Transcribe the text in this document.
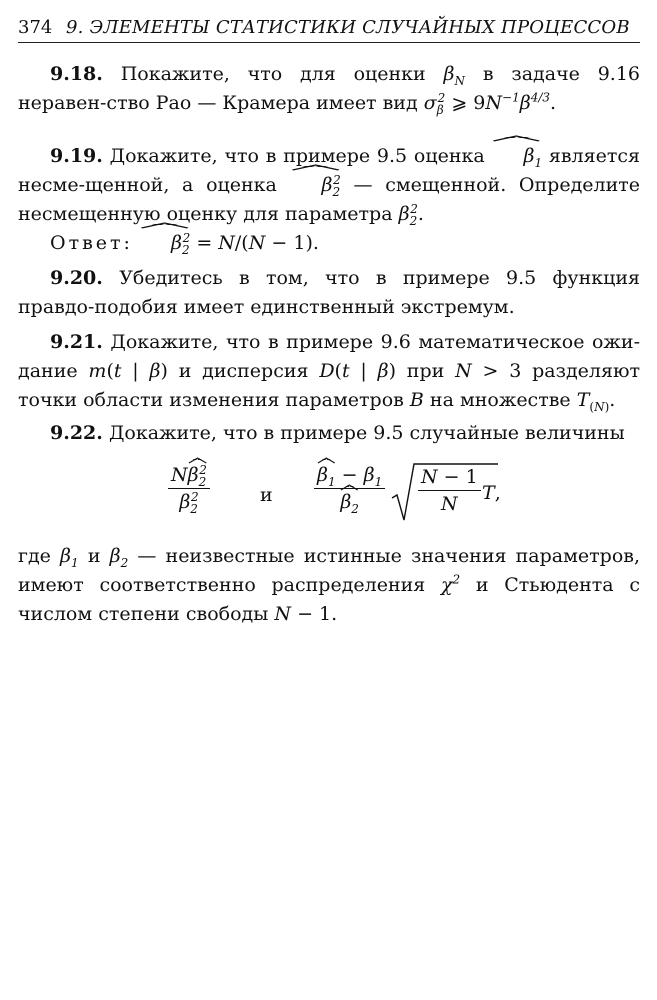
374 9. ЭЛЕМЕНТЫ СТАТИСТИКИ СЛУЧАЙНЫХ ПРОЦЕССОВ

9.18. Покажите, что для оценки $\beta_N$ в задаче 9.16 неравен-ство Рао — Крамера имеет вид $\sigma_\beta^2$ ⩾ $9N^{-1}\beta^{4/3}$.

9.19. Докажите, что в примере 9.5 оценка $\beta_1$ является несме-щенной, а оценка $\beta_2^2$ — смещенной. Определите несмещенную оценку для параметра $\beta_2^2$.

Ответ: $\beta_2^2 = N/(N - 1)$.

9.20. Убедитесь в том, что в примере 9.5 функция правдо-подобия имеет единственный экстремум.

9.21. Докажите, что в примере 9.6 математическое ожи-дание m(t | β) и дисперсия D(t | β) при N > 3 разделяют точки области изменения параметров B на множестве $T_{(N)}$.

9.22. Докажите, что в примере 9.5 случайные величины

$\frac{N\beta_2^2}{\beta_2^2}$	и $\frac{\beta_1 - \beta_1}{\beta_2} \frac{N - 1}{N} T$,

где $\beta_1$ и $\beta_2$ — неизвестные истинные значения параметров, имеют соответственно распределения $\chi^2$ и Стьюдента с числом степени свободы N − 1.
